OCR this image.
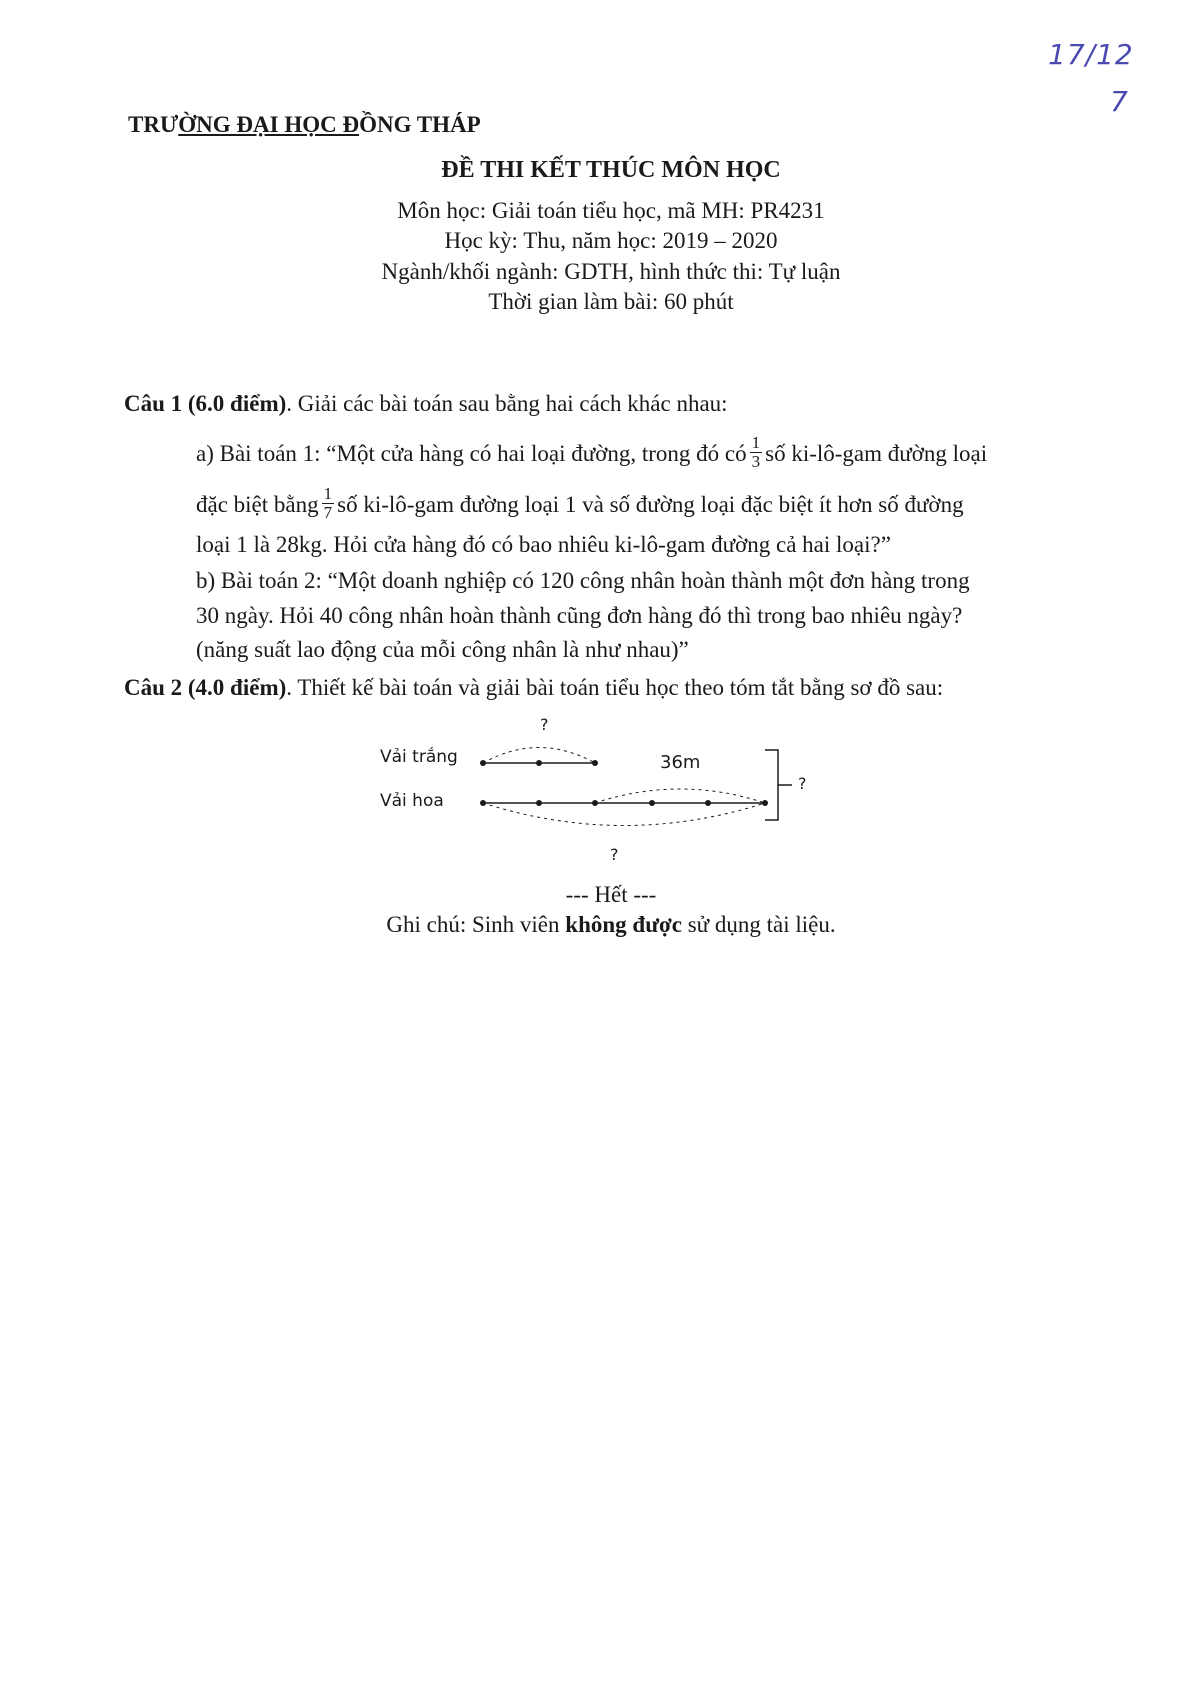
17/12
7
TRƯỜNG ĐẠI HỌC ĐỒNG THÁP
ĐỀ THI KẾT THÚC MÔN HỌC
Môn học: Giải toán tiểu học, mã MH: PR4231
Học kỳ: Thu, năm học: 2019 – 2020
Ngành/khối ngành: GDTH, hình thức thi: Tự luận
Thời gian làm bài: 60 phút
Câu 1 (6.0 điểm). Giải các bài toán sau bằng hai cách khác nhau:
a) Bài toán 1: “Một cửa hàng có hai loại đường, trong đó có $\frac{1}{3}$ số ki-lô-gam đường loại
đặc biệt bằng $\frac{1}{7}$ số ki-lô-gam đường loại 1 và số đường loại đặc biệt ít hơn số đường
loại 1 là 28kg. Hỏi cửa hàng đó có bao nhiêu ki-lô-gam đường cả hai loại?”
b) Bài toán 2: “Một doanh nghiệp có 120 công nhân hoàn thành một đơn hàng trong
30 ngày. Hỏi 40 công nhân hoàn thành cũng đơn hàng đó thì trong bao nhiêu ngày?
(năng suất lao động của mỗi công nhân là như nhau)”
Câu 2 (4.0 điểm). Thiết kế bài toán và giải bài toán tiểu học theo tóm tắt bằng sơ đồ sau:
?
Vải trắng
Vải hoa
36m
?
?
--- Hết ---
Ghi chú: Sinh viên không được sử dụng tài liệu.
